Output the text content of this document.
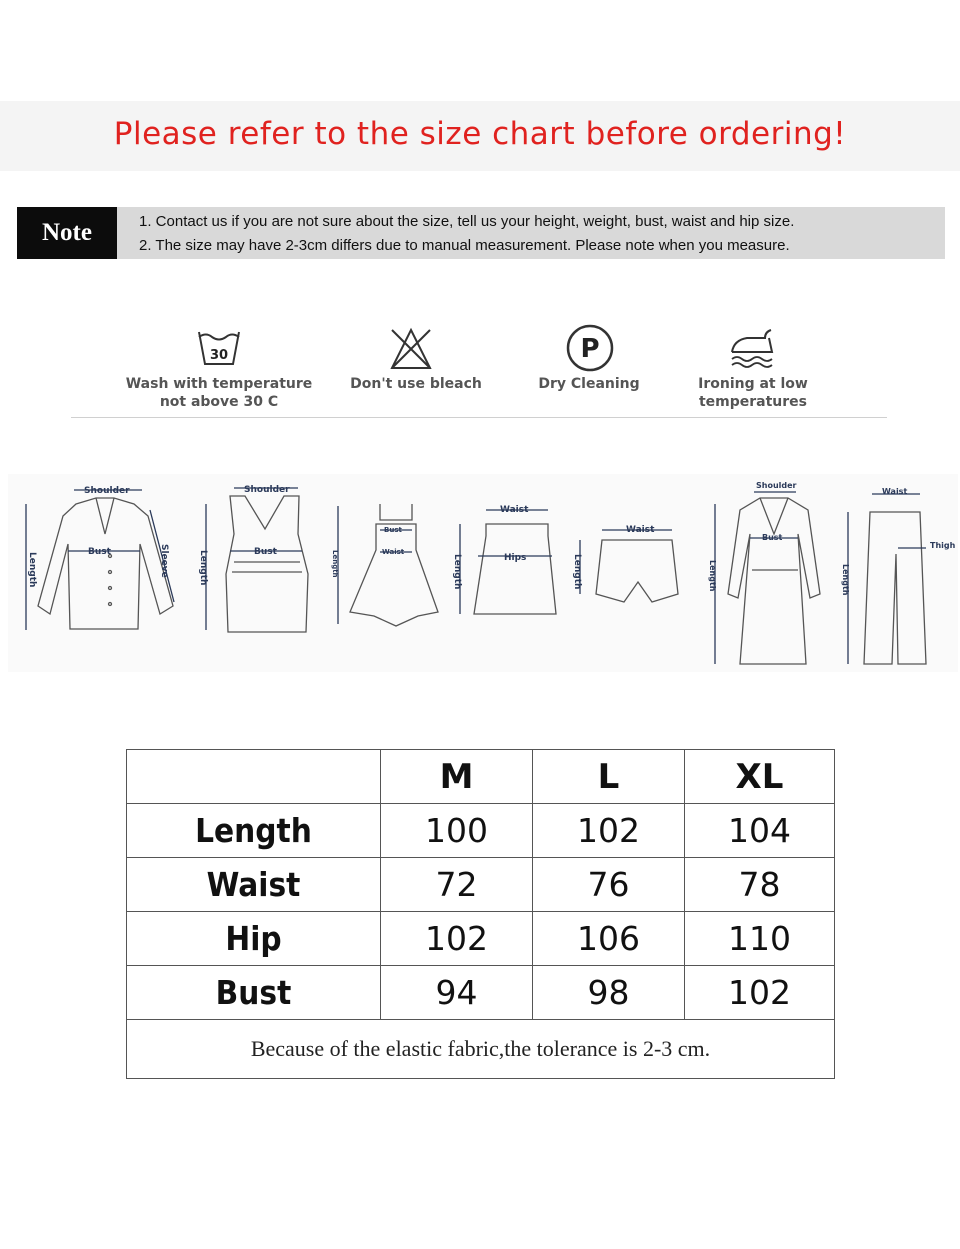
Please refer to the size chart before ordering!
Note	1. Contact us if you are not sure about the size, tell us your height, weight, bust, waist and hip size.
2. The size may have 2-3cm differs due to manual measurement. Please note when you measure.
30
Wash with temperature
not above 30 C
Don't use bleach
P
Dry Cleaning	Ironing at low
temperatures
Shoulder
Bust
Length	Sleeve
Shoulder
Bust
Length
Bust
Waist
Length
Waist
Hips
Length
Waist
Length
Shoulder
Bust
Length
Waist
Thigh
Length
	M	L	XL
Length	100	102	104
Waist	72	76	78
Hip	102	106	110
Bust	94	98	102
Because of the elastic fabric,the tolerance is 2-3 cm.			
